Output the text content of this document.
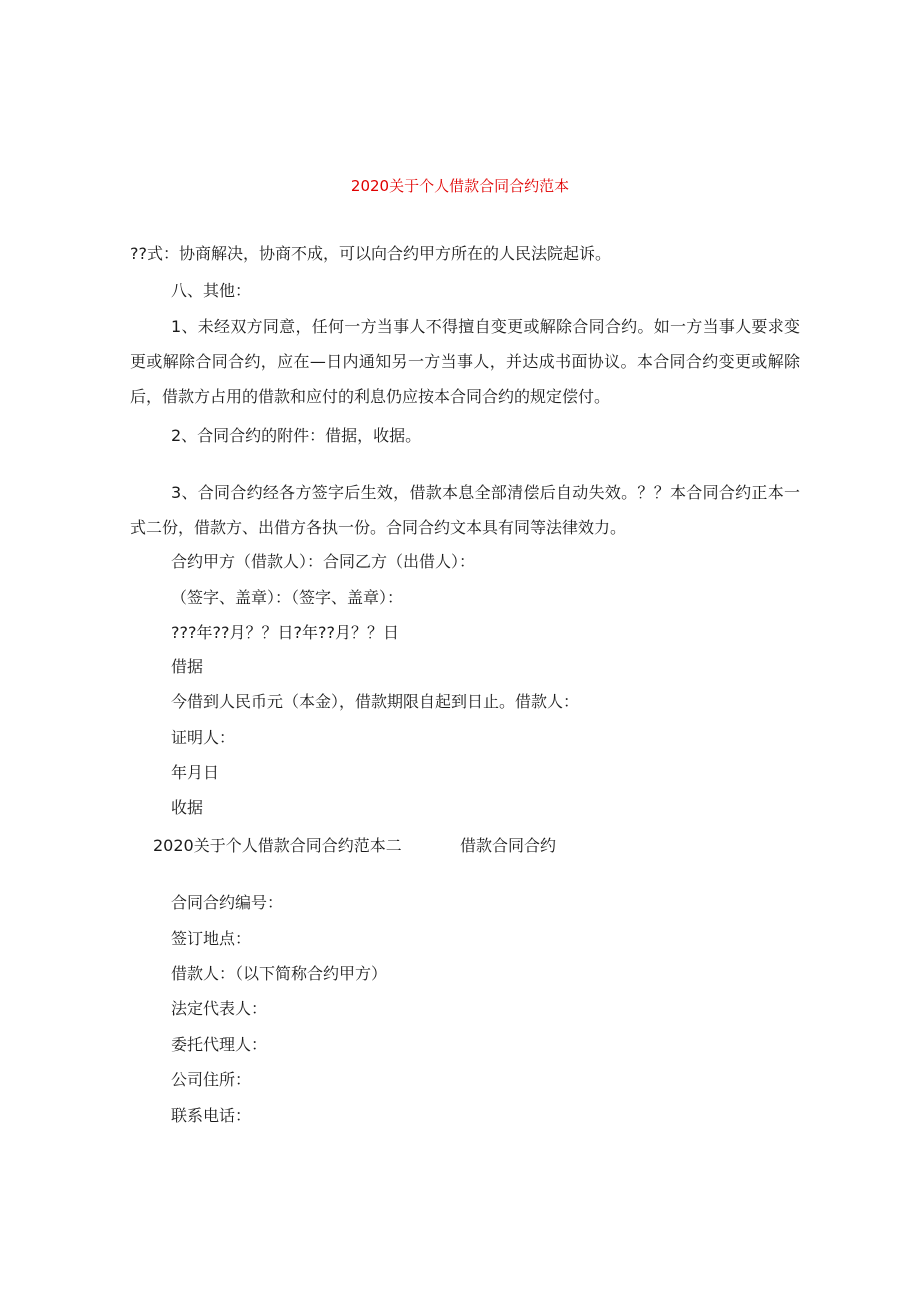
2020关于个人借款合同合约范本
??式：协商解决，协商不成，可以向合约甲方所在的人民法院起诉。
八、其他：
1、未经双方同意，任何一方当事人不得擅自变更或解除合同合约。如一方当事人要求变更或解除合同合约，应在—日内通知另一方当事人，并达成书面协议。本合同合约变更或解除后，借款方占用的借款和应付的利息仍应按本合同合约的规定偿付。
2、合同合约的附件：借据，收据。
3、合同合约经各方签字后生效，借款本息全部清偿后自动失效。？？本合同合约正本一式二份，借款方、出借方各执一份。合同合约文本具有同等法律效力。
合约甲方（借款人）：合同乙方（出借人）：
（签字、盖章）：（签字、盖章）：
???年??月？？日?年??月？？日
借据
今借到人民币元（本金），借款期限自起到日止。借款人：
证明人：
年月日
收据
2020关于个人借款合同合约范本二	借款合同合约
合同合约编号：
签订地点：
借款人：（以下简称合约甲方）
法定代表人：
委托代理人：
公司住所：
联系电话：
